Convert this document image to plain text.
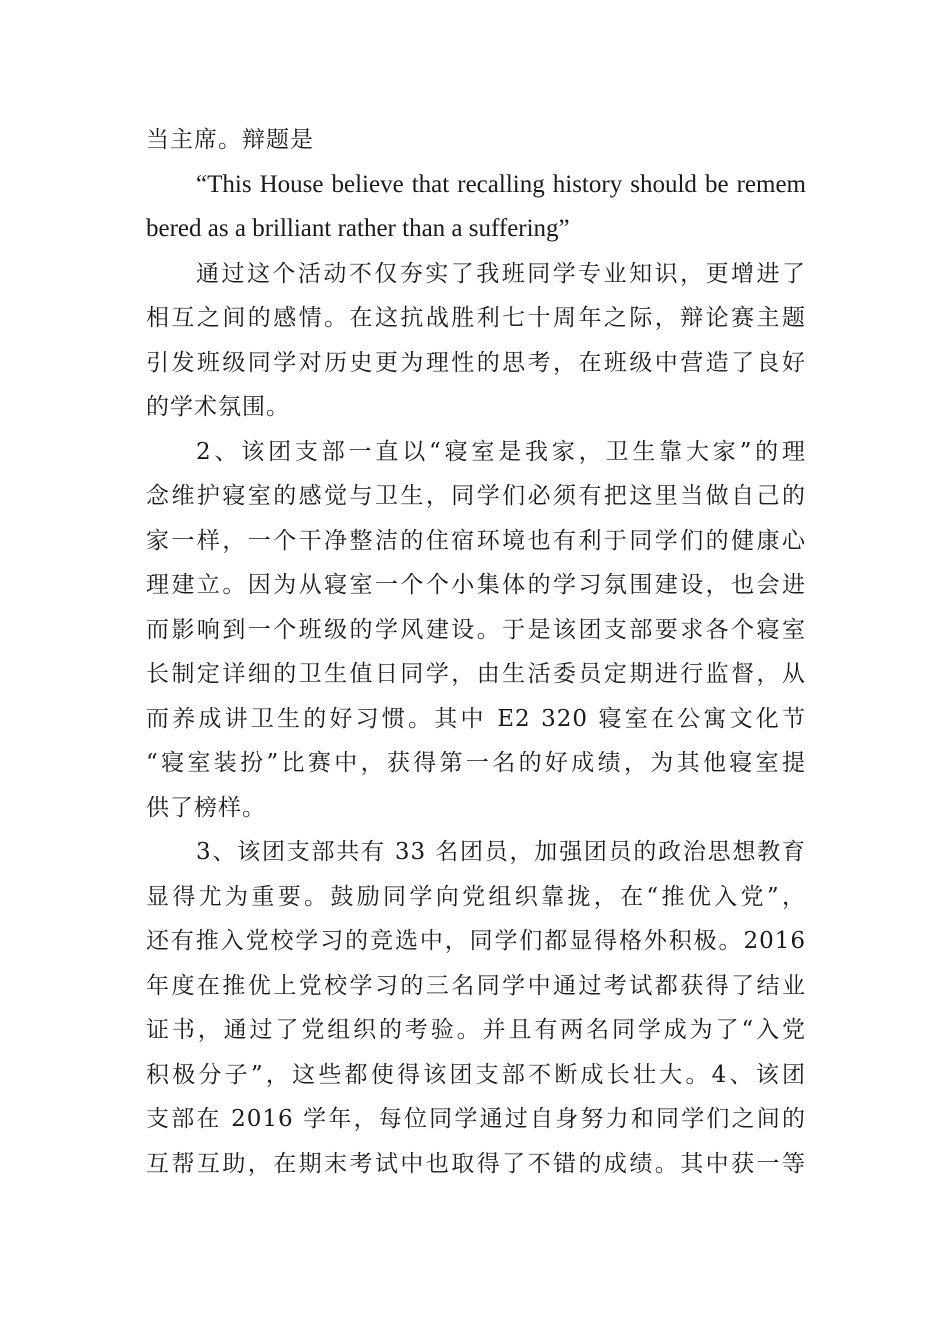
当主席。辩题是

“This House believe that recalling history should be remem

bered as a brilliant rather than a suffering”

通过这个活动不仅夯实了我班同学专业知识，更增进了

相互之间的感情。在这抗战胜利七十周年之际，辩论赛主题

引发班级同学对历史更为理性的思考，在班级中营造了良好

的学术氛围。

2、该团支部一直以“寝室是我家，卫生靠大家”的理

念维护寝室的感觉与卫生，同学们必须有把这里当做自己的

家一样，一个干净整洁的住宿环境也有利于同学们的健康心

理建立。因为从寝室一个个小集体的学习氛围建设，也会进

而影响到一个班级的学风建设。于是该团支部要求各个寝室

长制定详细的卫生值日同学，由生活委员定期进行监督，从

而养成讲卫生的好习惯。其中 E2 320 寝室在公寓文化节

“寝室装扮”比赛中，获得第一名的好成绩，为其他寝室提

供了榜样。

3、该团支部共有 33 名团员，加强团员的政治思想教育

显得尤为重要。鼓励同学向党组织靠拢，在“推优入党”，

还有推入党校学习的竞选中，同学们都显得格外积极。2016

年度在推优上党校学习的三名同学中通过考试都获得了结业

证书，通过了党组织的考验。并且有两名同学成为了“入党

积极分子”，这些都使得该团支部不断成长壮大。4、该团

支部在 2016 学年，每位同学通过自身努力和同学们之间的

互帮互助，在期末考试中也取得了不错的成绩。其中获一等
